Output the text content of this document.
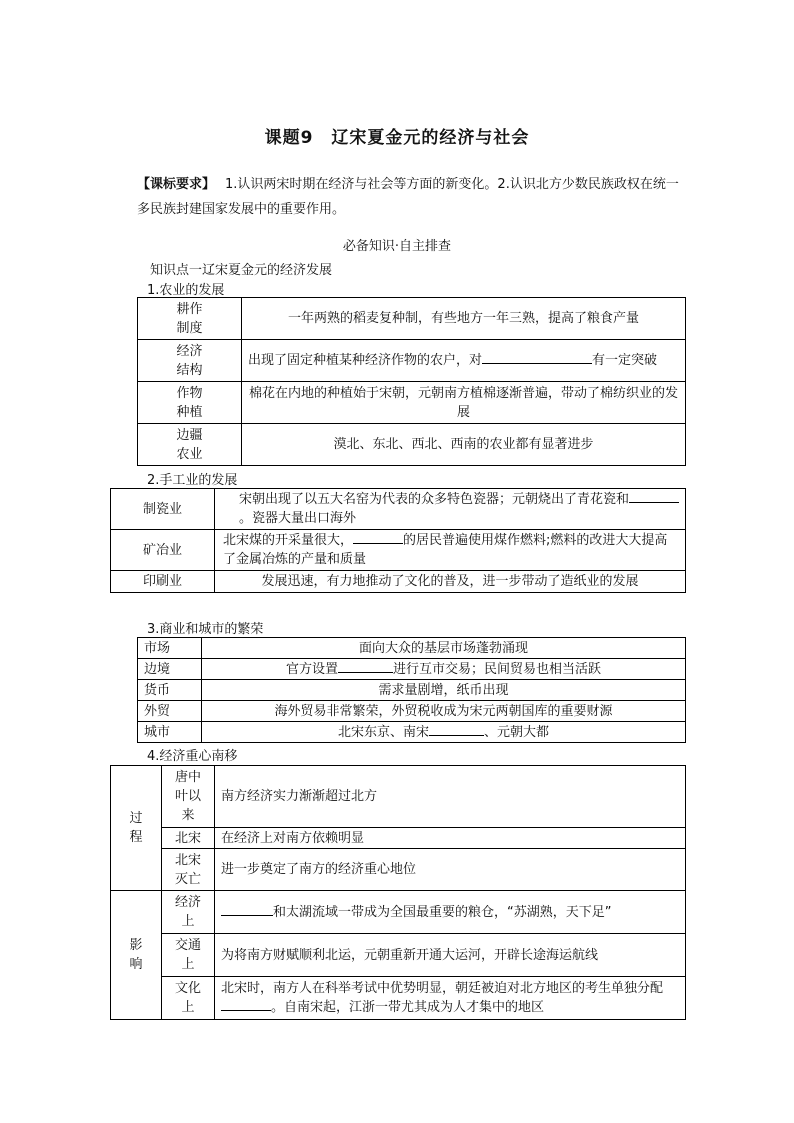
课题9　辽宋夏金元的经济与社会
【课标要求】 1.认识两宋时期在经济与社会等方面的新变化。2.认识北方少数民族政权在统一多民族封建国家发展中的重要作用。
必备知识·自主排查
知识点一辽宋夏金元的经济发展
1.农业的发展
耕作制度	一年两熟的稻麦复种制，有些地方一年三熟，提高了粮食产量
经济结构	出现了固定种植某种经济作物的农户，对 有一定突破
作物种植	棉花在内地的种植始于宋朝，元朝南方植棉逐渐普遍，带动了棉纺织业的发展
边疆农业	漠北、东北、西北、西南的农业都有显著进步
2.手工业的发展
制瓷业	宋朝出现了以五大名窑为代表的众多特色瓷器；元朝烧出了青花瓷和。瓷器大量出口海外
矿冶业	北宋煤的开采量很大， 的居民普遍使用煤作燃料;燃料的改进大大提高了金属冶炼的产量和质量
印刷业	发展迅速，有力地推动了文化的普及，进一步带动了造纸业的发展
3.商业和城市的繁荣
市场	面向大众的基层市场蓬勃涌现
边境	官方设置 进行互市交易；民间贸易也相当活跃
货币	需求量剧增，纸币出现
外贸	海外贸易非常繁荣，外贸税收成为宋元两朝国库的重要财源
城市	北宋东京、南宋 、元朝大都
4.经济重心南移
过程	唐中叶以来	南方经济实力渐渐超过北方
	北宋	在经济上对南方依赖明显
	北宋灭亡	进一步奠定了南方的经济重心地位
影响	经济上	和太湖流域一带成为全国最重要的粮仓，“苏湖熟，天下足”
	交通上	为将南方财赋顺利北运，元朝重新开通大运河，开辟长途海运航线
	文化上	北宋时，南方人在科举考试中优势明显，朝廷被迫对北方地区的考生单独分配。自南宋起，江浙一带尤其成为人才集中的地区
